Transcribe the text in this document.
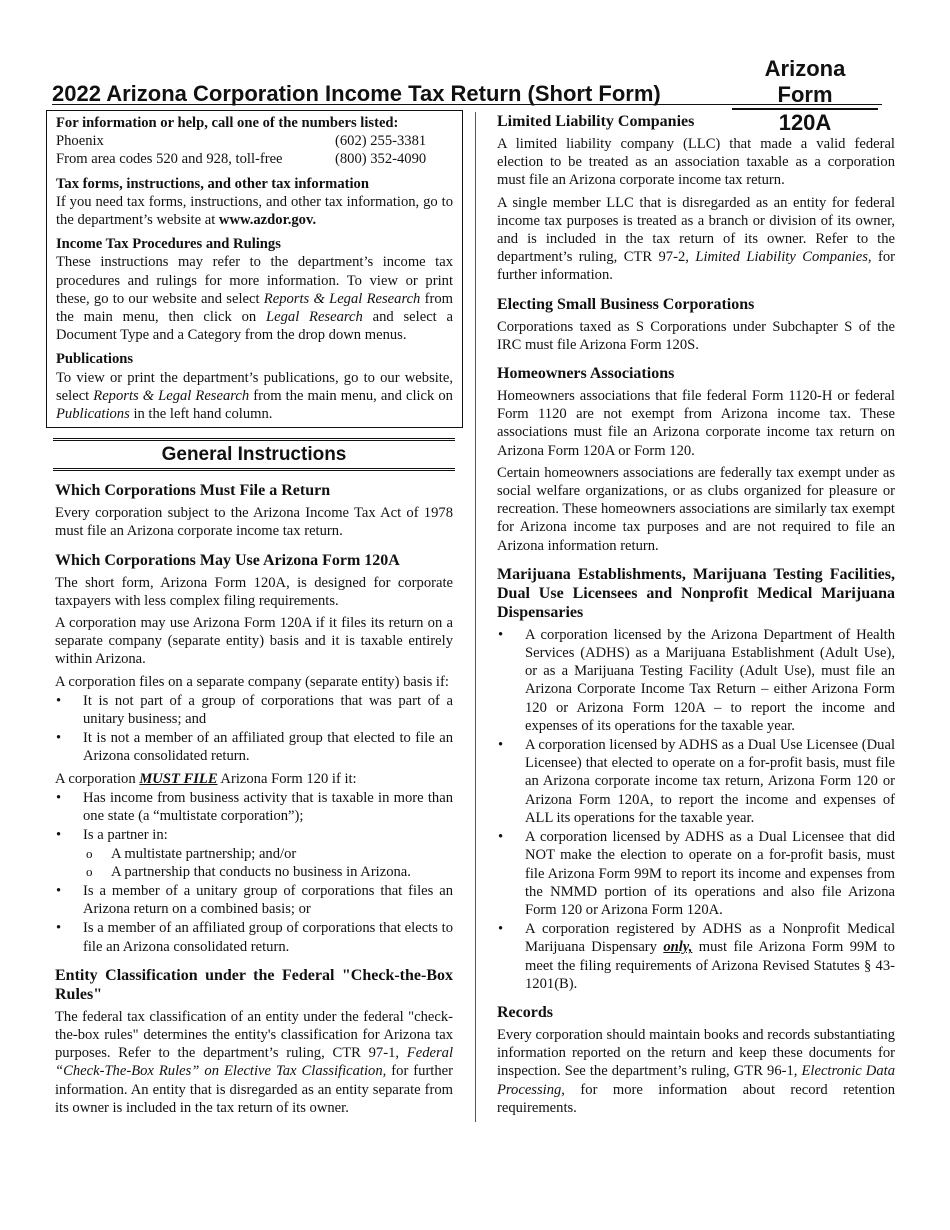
Arizona Form
120A
2022 Arizona Corporation Income Tax Return (Short Form)
For information or help, call one of the numbers listed:
Phoenix	(602) 255-3381
From area codes 520 and 928, toll-free	(800) 352-4090
Tax forms, instructions, and other tax information

If you need tax forms, instructions, and other tax information, go to the department’s website at www.azdor.gov.

Income Tax Procedures and Rulings

These instructions may refer to the department’s income tax procedures and rulings for more information. To view or print these, go to our website and select Reports & Legal Research from the main menu, then click on Legal Research and select a Document Type and a Category from the drop down menus.

Publications

To view or print the department’s publications, go to our website, select Reports & Legal Research from the main menu, and click on Publications in the left hand column.

General Instructions
Which Corporations Must File a Return

Every corporation subject to the Arizona Income Tax Act of 1978 must file an Arizona corporate income tax return.

Which Corporations May Use Arizona Form 120A

The short form, Arizona Form 120A, is designed for corporate taxpayers with less complex filing requirements.

A corporation may use Arizona Form 120A if it files its return on a separate company (separate entity) basis and it is taxable entirely within Arizona.

A corporation files on a separate company (separate entity) basis if:

• It is not part of a group of corporations that was part of a unitary business; and
• It is not a member of an affiliated group that elected to file an Arizona consolidated return.

A corporation MUST FILE Arizona Form 120 if it:

• Has income from business activity that is taxable in more than one state (a “multistate corporation”);
• Is a partner in:
o A multistate partnership; and/or
o A partnership that conducts no business in Arizona.
• Is a member of a unitary group of corporations that files an Arizona return on a combined basis; or
• Is a member of an affiliated group of corporations that elects to file an Arizona consolidated return.
Entity Classification under the Federal "Check-the-Box Rules"

The federal tax classification of an entity under the federal "check-the-box rules" determines the entity's classification for Arizona tax purposes. Refer to the department’s ruling, CTR 97-1, Federal “Check-The-Box Rules” on Elective Tax Classification, for further information. An entity that is disregarded as an entity separate from its owner is included in the tax return of its owner.

Limited Liability Companies

A limited liability company (LLC) that made a valid federal election to be treated as an association taxable as a corporation must file an Arizona corporate income tax return.

A single member LLC that is disregarded as an entity for federal income tax purposes is treated as a branch or division of its owner, and is included in the tax return of its owner. Refer to the department’s ruling, CTR 97-2, Limited Liability Companies, for further information.

Electing Small Business Corporations

Corporations taxed as S Corporations under Subchapter S of the IRC must file Arizona Form 120S.

Homeowners Associations

Homeowners associations that file federal Form 1120-H or federal Form 1120 are not exempt from Arizona income tax. These associations must file an Arizona corporate income tax return on Arizona Form 120A or Form 120.

Certain homeowners associations are federally tax exempt under as social welfare organizations, or as clubs organized for pleasure or recreation. These homeowners associations are similarly tax exempt for Arizona income tax purposes and are not required to file an Arizona information return.

Marijuana Establishments, Marijuana Testing Facilities, Dual Use Licensees and Nonprofit Medical Marijuana Dispensaries
• A corporation licensed by the Arizona Department of Health Services (ADHS) as a Marijuana Establishment (Adult Use), or as a Marijuana Testing Facility (Adult Use), must file an Arizona Corporate Income Tax Return – either Arizona Form 120 or Arizona Form 120A – to report the income and expenses of its operations for the taxable year.
• A corporation licensed by ADHS as a Dual Use Licensee (Dual Licensee) that elected to operate on a for-profit basis, must file an Arizona corporate income tax return, Arizona Form 120 or Arizona Form 120A, to report the income and expenses of ALL its operations for the taxable year.
• A corporation licensed by ADHS as a Dual Licensee that did NOT make the election to operate on a for-profit basis, must file Arizona Form 99M to report its income and expenses from the NMMD portion of its operations and also file Arizona Form 120 or Arizona Form 120A.
• A corporation registered by ADHS as a Nonprofit Medical Marijuana Dispensary only, must file Arizona Form 99M to meet the filing requirements of Arizona Revised Statutes § 43-1201(B).
Records

Every corporation should maintain books and records substantiating information reported on the return and keep these documents for inspection. See the department’s ruling, GTR 96-1, Electronic Data Processing, for more information about record retention requirements.
